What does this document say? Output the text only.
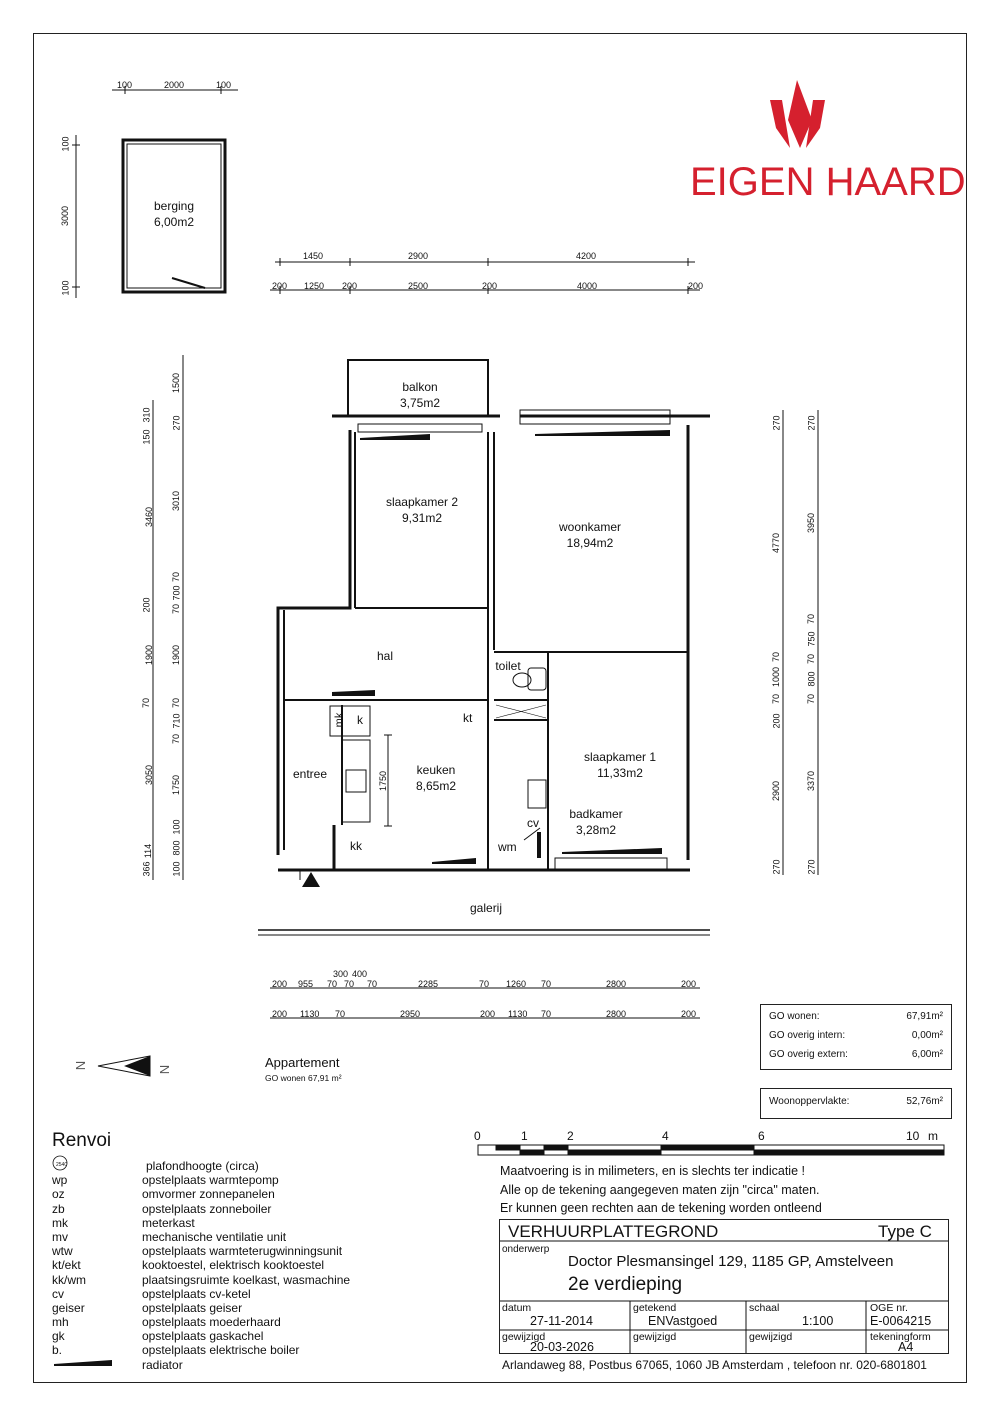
EIGEN HAARD
berging
6,00m2
balkon
3,75m2
slaapkamer 2
9,31m2
woonkamer
18,94m2
hal
toilet
keuken
8,65m2
slaapkamer 1
11,33m2
badkamer
3,28m2
entree
mk k	kt
kk	wm
cv
galerij
1750
100	2000	100
100
3000
100
1450	2900	4200
200 1250 200	2500	200	4000	200
1500
150
310
3460
200
1900
70
3050
366
114
270
3010
70
700
70
1900
70
710
70
1750
100
800
100
270
4770
70
1000
70
200
2900
270
270
3950
70
750
70
800
70
3370
270
200 955 70
300 400
70 70	2285	70 1260 70	2800	200
200 1130 70	2950	200 1130 70	2800	200	GO wonen:	67,91m²
GO overig intern:	0,00m²
GO overig extern:	6,00m²
Woonoppervlakte:	52,76m²
N	N	Appartement
GO wonen 67,91 m²
0	1	2	4	6	10 m
Maatvoering is in milimeters, en is slechts ter indicatie !
Alle op de tekening aangegeven maten zijn "circa" maten.
Er kunnen geen rechten aan de tekening worden ontleend
Renvoi
2540	plafondhoogte (circa)
wp	opstelplaats warmtepomp
oz	omvormer zonnepanelen
zb	opstelplaats zonneboiler
mk	meterkast
mv	mechanische ventilatie unit
wtw	opstelplaats warmteterugwinningsunit
kt/ekt	kooktoestel, elektrisch kooktoestel
kk/wm	plaatsingsruimte koelkast, wasmachine
cv	opstelplaats cv-ketel
geiser	opstelplaats geiser
mh	opstelplaats moederhaard
gk	opstelplaats gaskachel
b.	opstelplaats elektrische boiler
radiator
VERHUURPLATTEGROND	Type C
onderwerp
Doctor Plesmansingel 129, 1185 GP, Amstelveen
2e verdieping
datum
27-11-2014
getekend
ENVastgoed
schaal
1:100
OGE nr.
E-0064215
gewijzigd
20-03-2026
gewijzigd	gewijzigd	tekeningform
A4
Arlandaweg 88, Postbus 67065, 1060 JB Amsterdam , telefoon nr. 020-6801801
